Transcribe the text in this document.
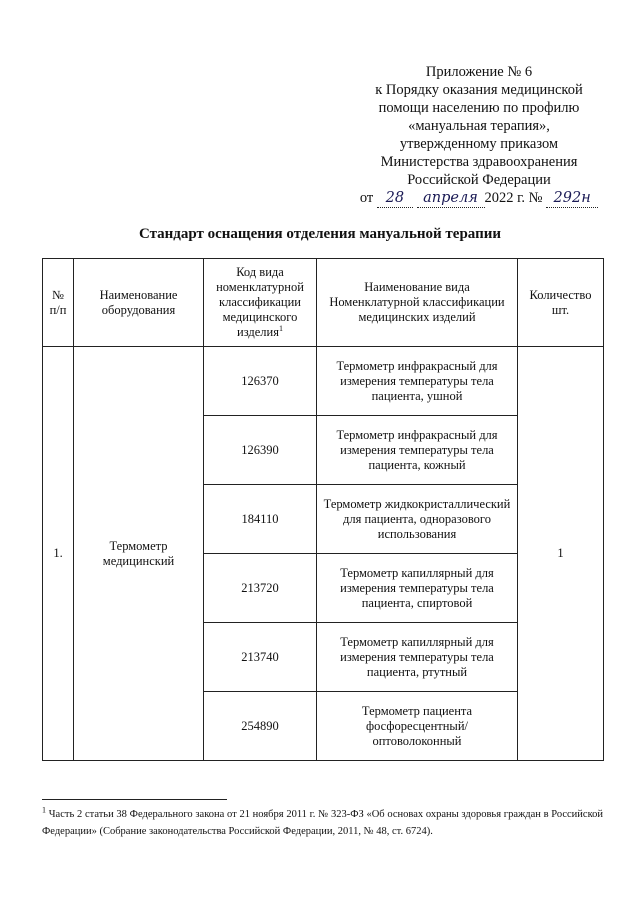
Приложение № 6
к Порядку оказания медицинской
помощи населению по профилю
«мануальная терапия»,
утвержденному приказом
Министерства здравоохранения
Российской Федерации
от 28 апреля 2022 г. № 292н
Стандарт оснащения отделения мануальной терапии
№ п/п	Наименование оборудования	Код вида номенклатурной классификации медицинского изделия$^1$	Наименование вида Номенклатурной классификации медицинских изделий	Количество шт.
1.	Термометр медицинский	126370	Термометр инфракрасный для измерения температуры тела пациента, ушной	1
		126390	Термометр инфракрасный для измерения температуры тела пациента, кожный	
		184110	Термометр жидкокристаллический для пациента, одноразового использования	
		213720	Термометр капиллярный для измерения температуры тела пациента, спиртовой	
		213740	Термометр капиллярный для измерения температуры тела пациента, ртутный	
		254890	Термометр пациента фосфоресцентный/ оптоволоконный	
$^1$ Часть 2 статьи 38 Федерального закона от 21 ноября 2011 г. № 323-ФЗ «Об основах охраны здоровья граждан в Российской Федерации» (Собрание законодательства Российской Федерации, 2011, № 48, ст. 6724).
